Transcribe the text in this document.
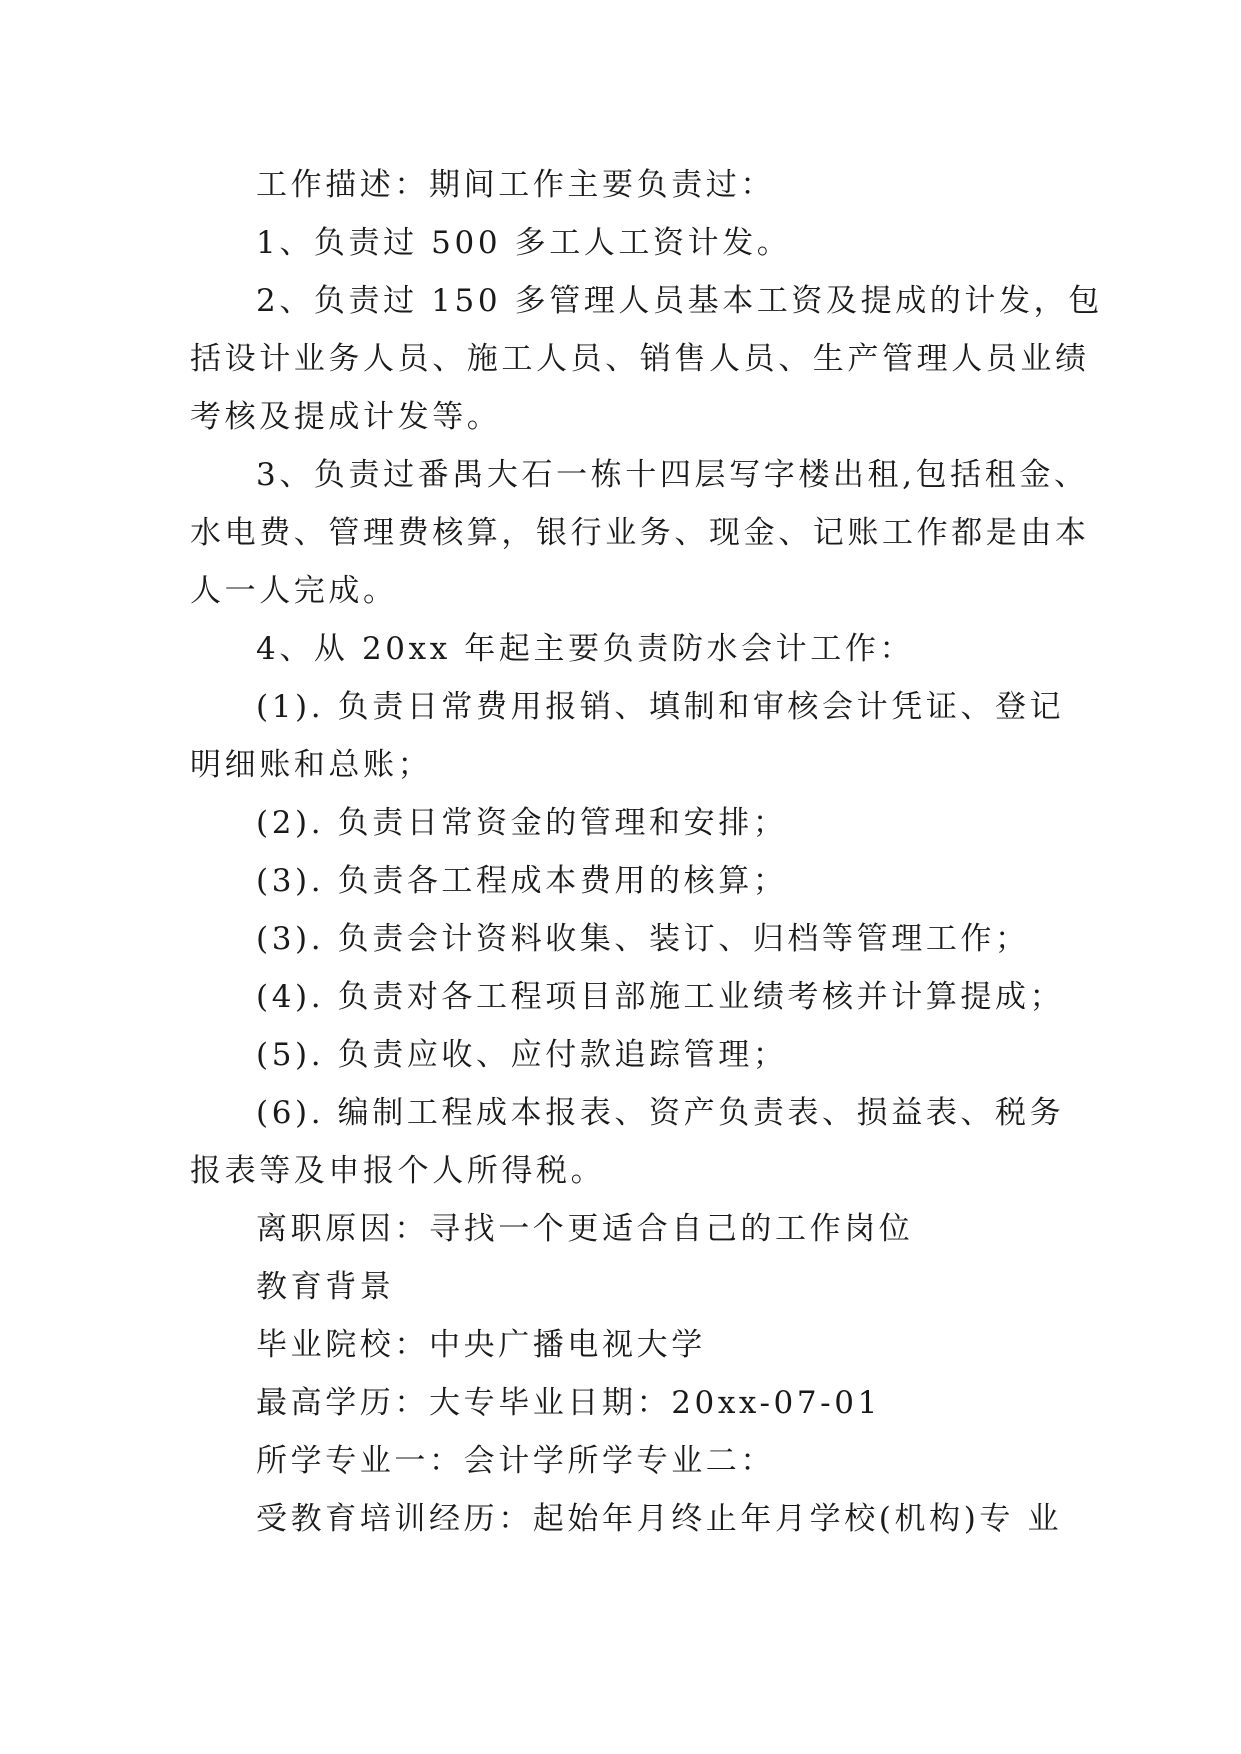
工作描述：期间工作主要负责过：
1、负责过 500 多工人工资计发。
2、负责过 150 多管理人员基本工资及提成的计发，包
括设计业务人员、施工人员、销售人员、生产管理人员业绩
考核及提成计发等。
3、负责过番禺大石一栋十四层写字楼出租,包括租金、
水电费、管理费核算，银行业务、现金、记账工作都是由本
人一人完成。
4、从 20xx 年起主要负责防水会计工作：
(1). 负责日常费用报销、填制和审核会计凭证、登记
明细账和总账；
(2). 负责日常资金的管理和安排；
(3). 负责各工程成本费用的核算；
(3). 负责会计资料收集、装订、归档等管理工作；
(4). 负责对各工程项目部施工业绩考核并计算提成；
(5). 负责应收、应付款追踪管理；
(6). 编制工程成本报表、资产负责表、损益表、税务
报表等及申报个人所得税。
离职原因：寻找一个更适合自己的工作岗位
教育背景
毕业院校：中央广播电视大学
最高学历：大专毕业日期：20xx-07-01
所学专业一：会计学所学专业二：
受教育培训经历：起始年月终止年月学校(机构)专 业
